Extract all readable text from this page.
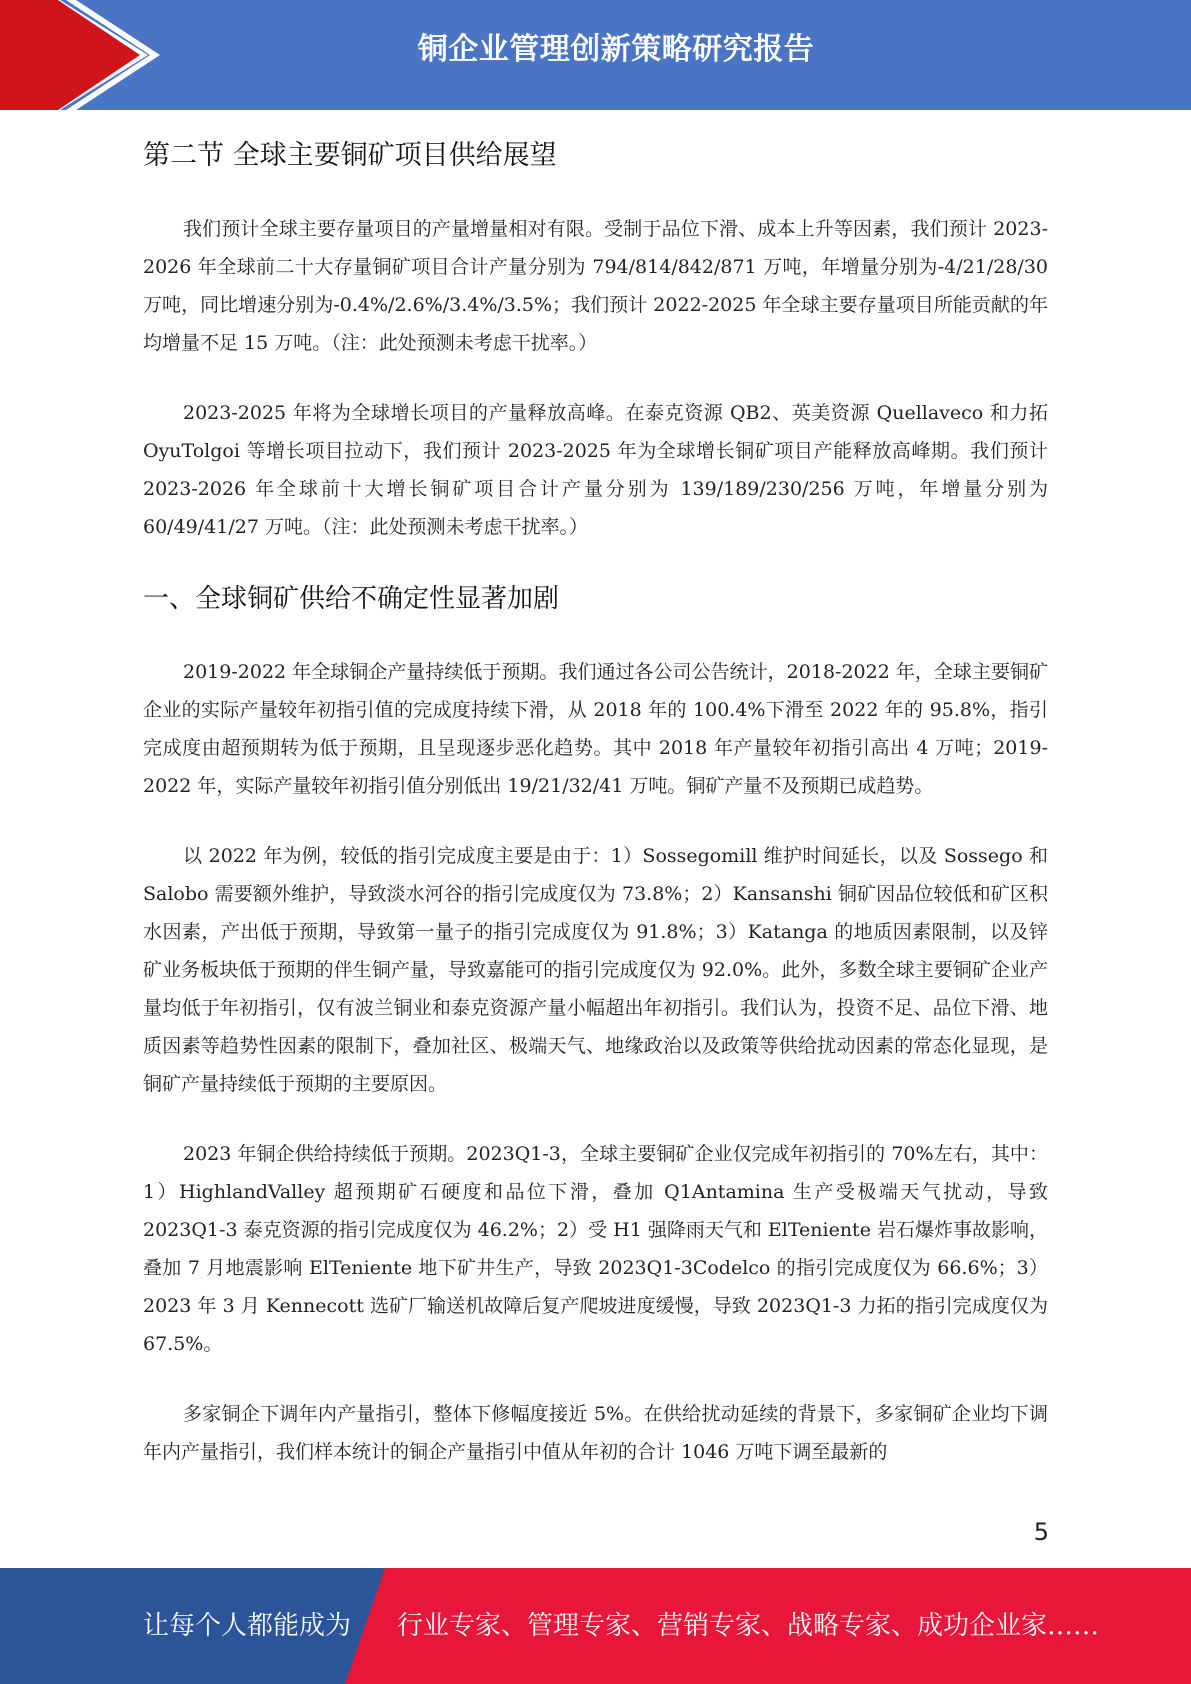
铜企业管理创新策略研究报告
第二节 全球主要铜矿项目供给展望

我们预计全球主要存量项目的产量增量相对有限。受制于品位下滑、成本上升等因素，我们预计 2023-2026 年全球前二十大存量铜矿项目合计产量分别为 794/814/842/871 万吨，年增量分别为-4/21/28/30 万吨，同比增速分别为-0.4%/2.6%/3.4%/3.5%；我们预计 2022-2025 年全球主要存量项目所能贡献的年均增量不足 15 万吨。（注：此处预测未考虑干扰率。）

2023-2025 年将为全球增长项目的产量释放高峰。在泰克资源 QB2、英美资源 Quellaveco 和力拓 OyuTolgoi 等增长项目拉动下，我们预计 2023-2025 年为全球增长铜矿项目产能释放高峰期。我们预计 2023-2026 年全球前十大增长铜矿项目合计产量分别为 139/189/230/256 万吨，年增量分别为 60/49/41/27 万吨。（注：此处预测未考虑干扰率。）

一、全球铜矿供给不确定性显著加剧

2019-2022 年全球铜企产量持续低于预期。我们通过各公司公告统计，2018-2022 年，全球主要铜矿企业的实际产量较年初指引值的完成度持续下滑，从 2018 年的 100.4%下滑至 2022 年的 95.8%，指引完成度由超预期转为低于预期，且呈现逐步恶化趋势。其中 2018 年产量较年初指引高出 4 万吨；2019-2022 年，实际产量较年初指引值分别低出 19/21/32/41 万吨。铜矿产量不及预期已成趋势。

以 2022 年为例，较低的指引完成度主要是由于：1）Sossegomill 维护时间延长，以及 Sossego 和 Salobo 需要额外维护，导致淡水河谷的指引完成度仅为 73.8%；2）Kansanshi 铜矿因品位较低和矿区积水因素，产出低于预期，导致第一量子的指引完成度仅为 91.8%；3）Katanga 的地质因素限制，以及锌矿业务板块低于预期的伴生铜产量，导致嘉能可的指引完成度仅为 92.0%。此外，多数全球主要铜矿企业产量均低于年初指引，仅有波兰铜业和泰克资源产量小幅超出年初指引。我们认为，投资不足、品位下滑、地质因素等趋势性因素的限制下，叠加社区、极端天气、地缘政治以及政策等供给扰动因素的常态化显现，是铜矿产量持续低于预期的主要原因。

2023 年铜企供给持续低于预期。2023Q1-3，全球主要铜矿企业仅完成年初指引的 70%左右，其中：1）HighlandValley 超预期矿石硬度和品位下滑，叠加 Q1Antamina 生产受极端天气扰动，导致 2023Q1-3 泰克资源的指引完成度仅为 46.2%；2）受 H1 强降雨天气和 ElTeniente 岩石爆炸事故影响，叠加 7 月地震影响 ElTeniente 地下矿井生产，导致 2023Q1-3Codelco 的指引完成度仅为 66.6%；3）2023 年 3 月 Kennecott 选矿厂输送机故障后复产爬坡进度缓慢，导致 2023Q1-3 力拓的指引完成度仅为 67.5%。

多家铜企下调年内产量指引，整体下修幅度接近 5%。在供给扰动延续的背景下，多家铜矿企业均下调年内产量指引，我们样本统计的铜企产量指引中值从年初的合计 1046 万吨下调至最新的

5
让每个人都能成为 行业专家、管理专家、营销专家、战略专家、成功企业家……
